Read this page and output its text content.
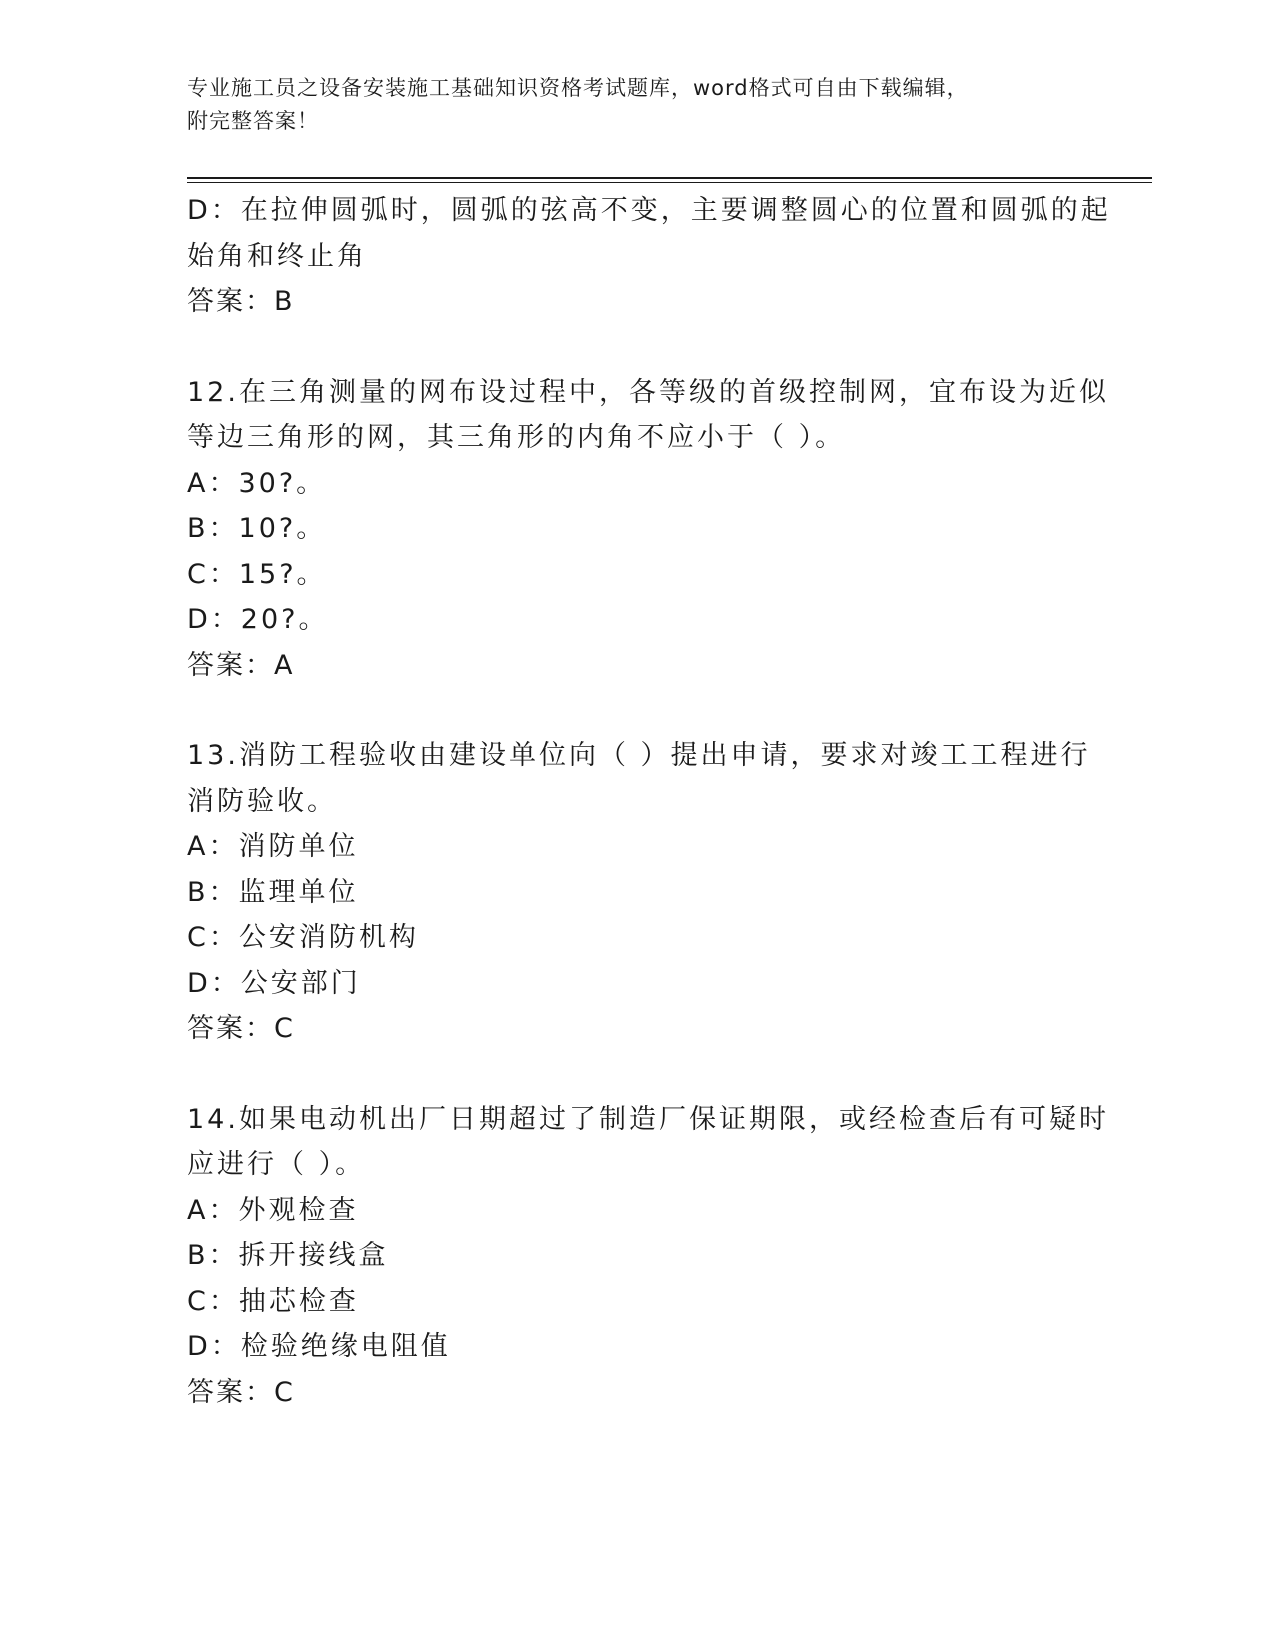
专业施工员之设备安装施工基础知识资格考试题库，word格式可自由下载编辑，
附完整答案！
D：在拉伸圆弧时，圆弧的弦高不变，主要调整圆心的位置和圆弧的起
始角和终止角
答案：B
12.在三角测量的网布设过程中，各等级的首级控制网，宜布设为近似
等边三角形的网，其三角形的内角不应小于（ ）。
A：30?。
B：10?。
C：15?。
D：20?。
答案：A
13.消防工程验收由建设单位向（ ）提出申请，要求对竣工工程进行
消防验收。
A：消防单位
B：监理单位
C：公安消防机构
D：公安部门
答案：C
14.如果电动机出厂日期超过了制造厂保证期限，或经检查后有可疑时
应进行（ ）。
A：外观检查
B：拆开接线盒
C：抽芯检查
D：检验绝缘电阻值
答案：C
